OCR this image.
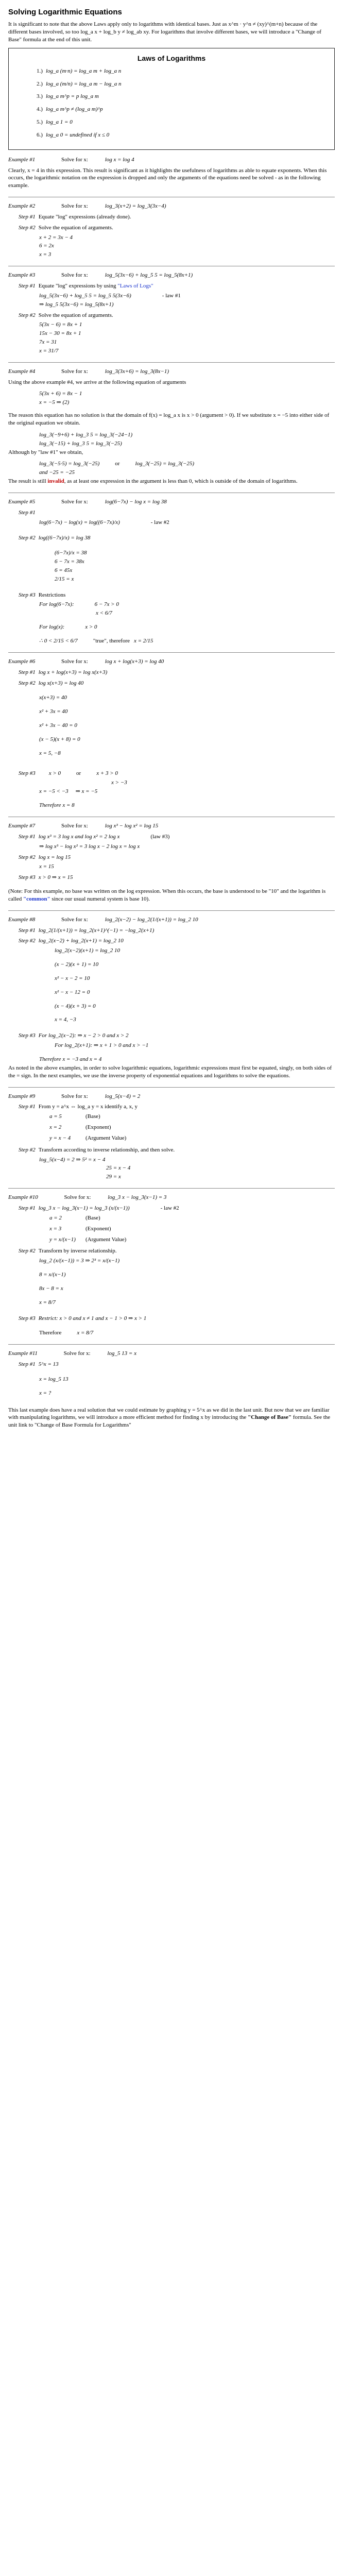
Solving Logarithmic Equations

It is significant to note that the above Laws apply only to logarithms with identical bases. Just as x^m · y^n ≠ (xy)^(m+n) because of the different bases involved, so too log_a x + log_b y ≠ log_ab xy. For logarithms that involve different bases, we will introduce a "Change of Base" formula at the end of this unit.

Laws of Logarithms
1.) log_a (m·n) = log_a m + log_a n
2.) log_a (m/n) = log_a m − log_a n
3.) log_a m^p = p log_a m
4.) log_a m^p ≠ (log_a m)^p
5.) log_a 1 = 0
6.) log_a 0 = undefined if x ≤ 0
Example #1	Solve for x:	log x = log 4

Clearly, x = 4 in this expression. This result is significant as it highlights the usefulness of logarithms as able to equate exponents. When this occurs, the logarithmic notation on the expression is dropped and only the arguments of the equations need be solved - as in the following example.

Example #2	Solve for x:	log_3(x+2) = log_3(3x−4)
Step #1 Equate "log" expressions (already done).
Step #2 Solve the equation of arguments.
x + 2 = 3x − 4
6 = 2x
x = 3
Example #3	Solve for x:	log_5(3x−6) + log_5 5 = log_5(8x+1)
Step #1 Equate "log" expressions by using "Laws of Logs"
log_5(3x−6) + log_5 5 = log_5 5(3x−6)	- law #1
⇒ log_5 5(3x−6) = log_5(8x+1)
Step #2 Solve the equation of arguments.
5(3x − 6) = 8x + 1
15x − 30 = 8x + 1
7x = 31
x = 31/7
Example #4	Solve for x:	log_3(3x+6) = log_3(8x−1)

Using the above example #4, we arrive at the following equation of arguments

5(3x + 6) = 8x − 1
x = −5 ⇒ (2)

The reason this equation has no solution is that the domain of f(x) = log_a x is x > 0 (argument > 0). If we substitute x = −5 into either side of the original equation we obtain.

log_3(−9+6) + log_3 5 = log_3(−24−1)
log_3(−15) + log_3 5 = log_3(−25)

Although by "law #1" we obtain,

log_3(−5·5) = log_3(−25)	or	log_3(−25) = log_3(−25)
and −25 = −25

The result is still invalid, as at least one expression in the argument is less than 0, which is outside of the domain of logarithms.

Example #5	Solve for x:	log(6−7x) − log x = log 38
Step #1
log(6−7x) − log(x) = log((6−7x)/x)	- law #2
Step #2 log((6−7x)/x) = log 38
(6−7x)/x = 38
6 − 7x = 38x
6 = 45x
2/15 = x
Step #3 Restrictions
For log(6−7x):	6 − 7x > 0
x < 6/7
For log(x):	x > 0
∴ 0 < 2/15 < 6/7	"true", therefore x = 2/15
Example #6	Solve for x:	log x + log(x+3) = log 40
Step #1 log x + log(x+3) = log x(x+3)
Step #2 log x(x+3) = log 40
x(x+3) = 40
x² + 3x = 40
x² + 3x − 40 = 0
(x − 5)(x + 8) = 0
x = 5, −8
Step #3 x > 0	or	x + 3 > 0
x > −3
x = −5 < −3 ⇒ x = −5
Therefore x = 8
Example #7	Solve for x:	log x³ − log x² = log 15
Step #1 log x³ = 3 log x and log x² = 2 log x	(law #3)
⇒ log x³ − log x² = 3 log x − 2 log x = log x
Step #2 log x = log 15
x = 15
Step #3 x > 0 ⇒ x = 15

(Note: For this example, no base was written on the log expression. When this occurs, the base is understood to be "10" and the logarithm is called "common" since our usual numeral system is base 10).

Example #8	Solve for x:	log_2(x−2) − log_2(1/(x+1)) = log_2 10
Step #1 log_2(1/(x+1)) = log_2(x+1)^(−1) = −log_2(x+1)
Step #2 log_2(x−2) + log_2(x+1) = log_2 10
log_2(x−2)(x+1) = log_2 10
(x − 2)(x + 1) = 10
x² − x − 2 = 10
x² − x − 12 = 0
(x − 4)(x + 3) = 0
x = 4, −3
Step #3 For log_2(x−2): ⇒ x − 2 > 0 and x > 2
For log_2(x+1): ⇒ x + 1 > 0 and x > −1
Therefore x = −3 and x = 4

As noted in the above examples, in order to solve logarithmic equations, logarithmic expressions must first be equated, singly, on both sides of the = sign. In the next examples, we use the inverse property of exponential equations and logarithms to solve the equations.

Example #9	Solve for x:	log_5(x−4) = 2
Step #1 From y = a^x ⇔ log_a y = x identify a, x, y
a = 5	(Base)
x = 2	(Exponent)
y = x − 4	(Argument Value)
Step #2 Transform according to inverse relationship, and then solve.
log_5(x−4) = 2 ⇒ 5² = x − 4
25 = x − 4
29 = x
Example #10	Solve for x:	log_3 x − log_3(x−1) = 3
Step #1 log_3 x − log_3(x−1) = log_3 (x/(x−1))	- law #2
a = 2	(Base)
x = 3	(Exponent)
y = x/(x−1)	(Argument Value)
Step #2 Transform by inverse relationship.
log_2 (x/(x−1)) = 3 ⇒ 2³ = x/(x−1)
8 = x/(x−1)
8x − 8 = x
x = 8/7
Step #3 Restrict: x > 0 and x ≠ 1 and x − 1 > 0 ⇒ x > 1
Therefore	x = 8/7
Example #11	Solve for x:	log_5 13 = x
Step #1 5^x = 13
x = log_5 13
x = ?

This last example does have a real solution that we could estimate by graphing y = 5^x as we did in the last unit. But now that we are familiar with manipulating logarithms, we will introduce a more efficient method for finding x by introducing the "Change of Base" formula. See the unit link to "Change of Base Formula for Logarithms"
